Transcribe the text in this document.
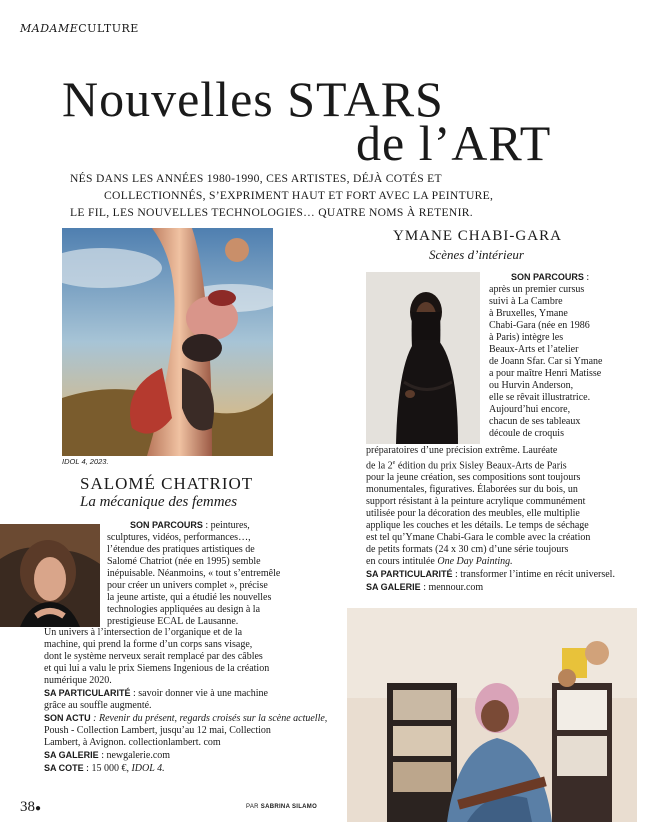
MADAMECULTURE
Nouvelles STARS
de l’ART
NÉS DANS LES ANNÉES 1980-1990, CES ARTISTES, DÉJÀ COTÉS ET
COLLECTIONNÉS, S’EXPRIMENT HAUT ET FORT AVEC LA PEINTURE,
LE FIL, LES NOUVELLES TECHNOLOGIES… QUATRE NOMS À RETENIR.
IDOL 4, 2023.
SALOMÉ CHATRIOT
La mécanique des femmes
SON PARCOURS : peintures,
sculptures, vidéos, performances…,
l’étendue des pratiques artistiques de
Salomé Chatriot (née en 1995) semble
inépuisable. Néanmoins, « tout s’entremêle
pour créer un univers complet », précise
la jeune artiste, qui a étudié les nouvelles
technologies appliquées au design à la
prestigieuse ECAL de Lausanne.
Un univers à l’intersection de l’organique et de la
machine, qui prend la forme d’un corps sans visage,
dont le système nerveux serait remplacé par des câbles
et qui lui a valu le prix Siemens Ingenious de la création
numérique 2020.
SA PARTICULARITÉ : savoir donner vie à une machine
grâce au souffle augmenté.
SON ACTU : Revenir du présent, regards croisés sur la scène actuelle,
Poush - Collection Lambert, jusqu’au 12 mai, Collection
Lambert, à Avignon. collectionlambert. com
SA GALERIE : newgalerie.com
SA COTE : 15 000 €, IDOL 4.
YMANE CHABI-GARA
Scènes d’intérieur
SON PARCOURS :
après un premier cursus
suivi à La Cambre
à Bruxelles, Ymane
Chabi-Gara (née en 1986
à Paris) intègre les
Beaux-Arts et l’atelier
de Joann Sfar. Car si Ymane
a pour maître Henri Matisse
ou Hurvin Anderson,
elle se rêvait illustratrice.
Aujourd’hui encore,
chacun de ses tableaux
découle de croquis
préparatoires d’une précision extrême. Lauréate
de la 2e édition du prix Sisley Beaux-Arts de Paris
pour la jeune création, ses compositions sont toujours
monumentales, figuratives. Élaborées sur du bois, un
support résistant à la peinture acrylique communément
utilisée pour la décoration des meubles, elle multiplie
applique les couches et les détails. Le temps de séchage
est tel qu’Ymane Chabi-Gara le comble avec la création
de petits formats (24 x 30 cm) d’une série toujours
en cours intitulée One Day Painting.
SA PARTICULARITÉ : transformer l’intime en récit universel.
SA GALERIE : mennour.com
38●	PAR SABRINA SILAMO
